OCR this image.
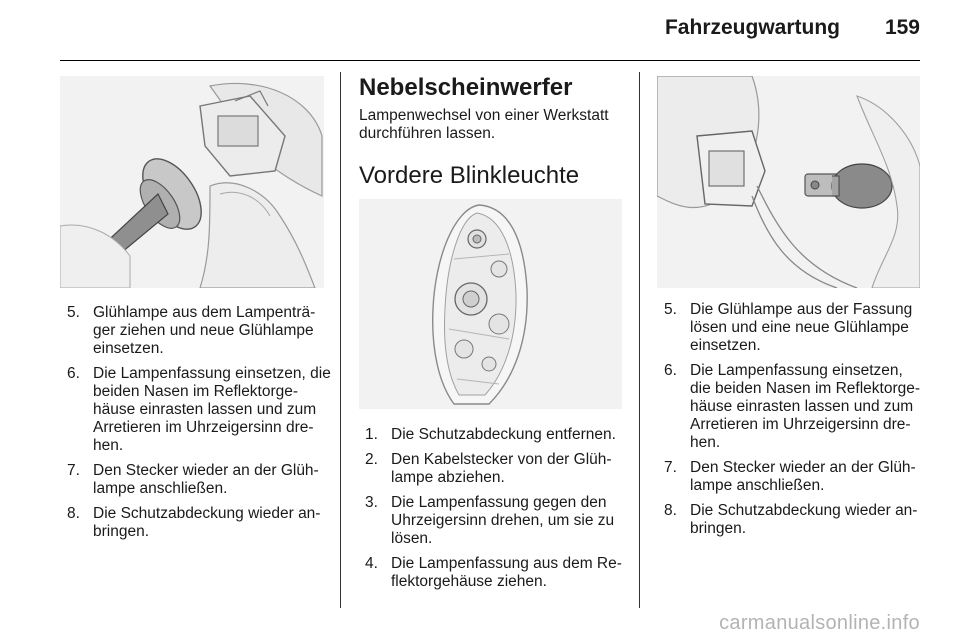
Fahrzeugwartung 159
5. Glühlampe aus dem Lampenträ- ger ziehen und neue Glühlampe einsetzen.
6. Die Lampenfassung einsetzen, die beiden Nasen im Reflektorge- häuse einrasten lassen und zum Arretieren im Uhrzeigersinn dre- hen.
7. Den Stecker wieder an der Glüh- lampe anschließen.
8. Die Schutzabdeckung wieder an- bringen.
Nebelscheinwerfer

Lampenwechsel von einer Werkstatt durchführen lassen.

Vordere Blinkleuchte
1. Die Schutzabdeckung entfernen.
2. Den Kabelstecker von der Glüh- lampe abziehen.
3. Die Lampenfassung gegen den Uhrzeigersinn drehen, um sie zu lösen.
4. Die Lampenfassung aus dem Re- flektorgehäuse ziehen.
5. Die Glühlampe aus der Fassung lösen und eine neue Glühlampe einsetzen.
6. Die Lampenfassung einsetzen, die beiden Nasen im Reflektorge- häuse einrasten lassen und zum Arretieren im Uhrzeigersinn dre- hen.
7. Den Stecker wieder an der Glüh- lampe anschließen.
8. Die Schutzabdeckung wieder an- bringen.
carmanualsonline.info
